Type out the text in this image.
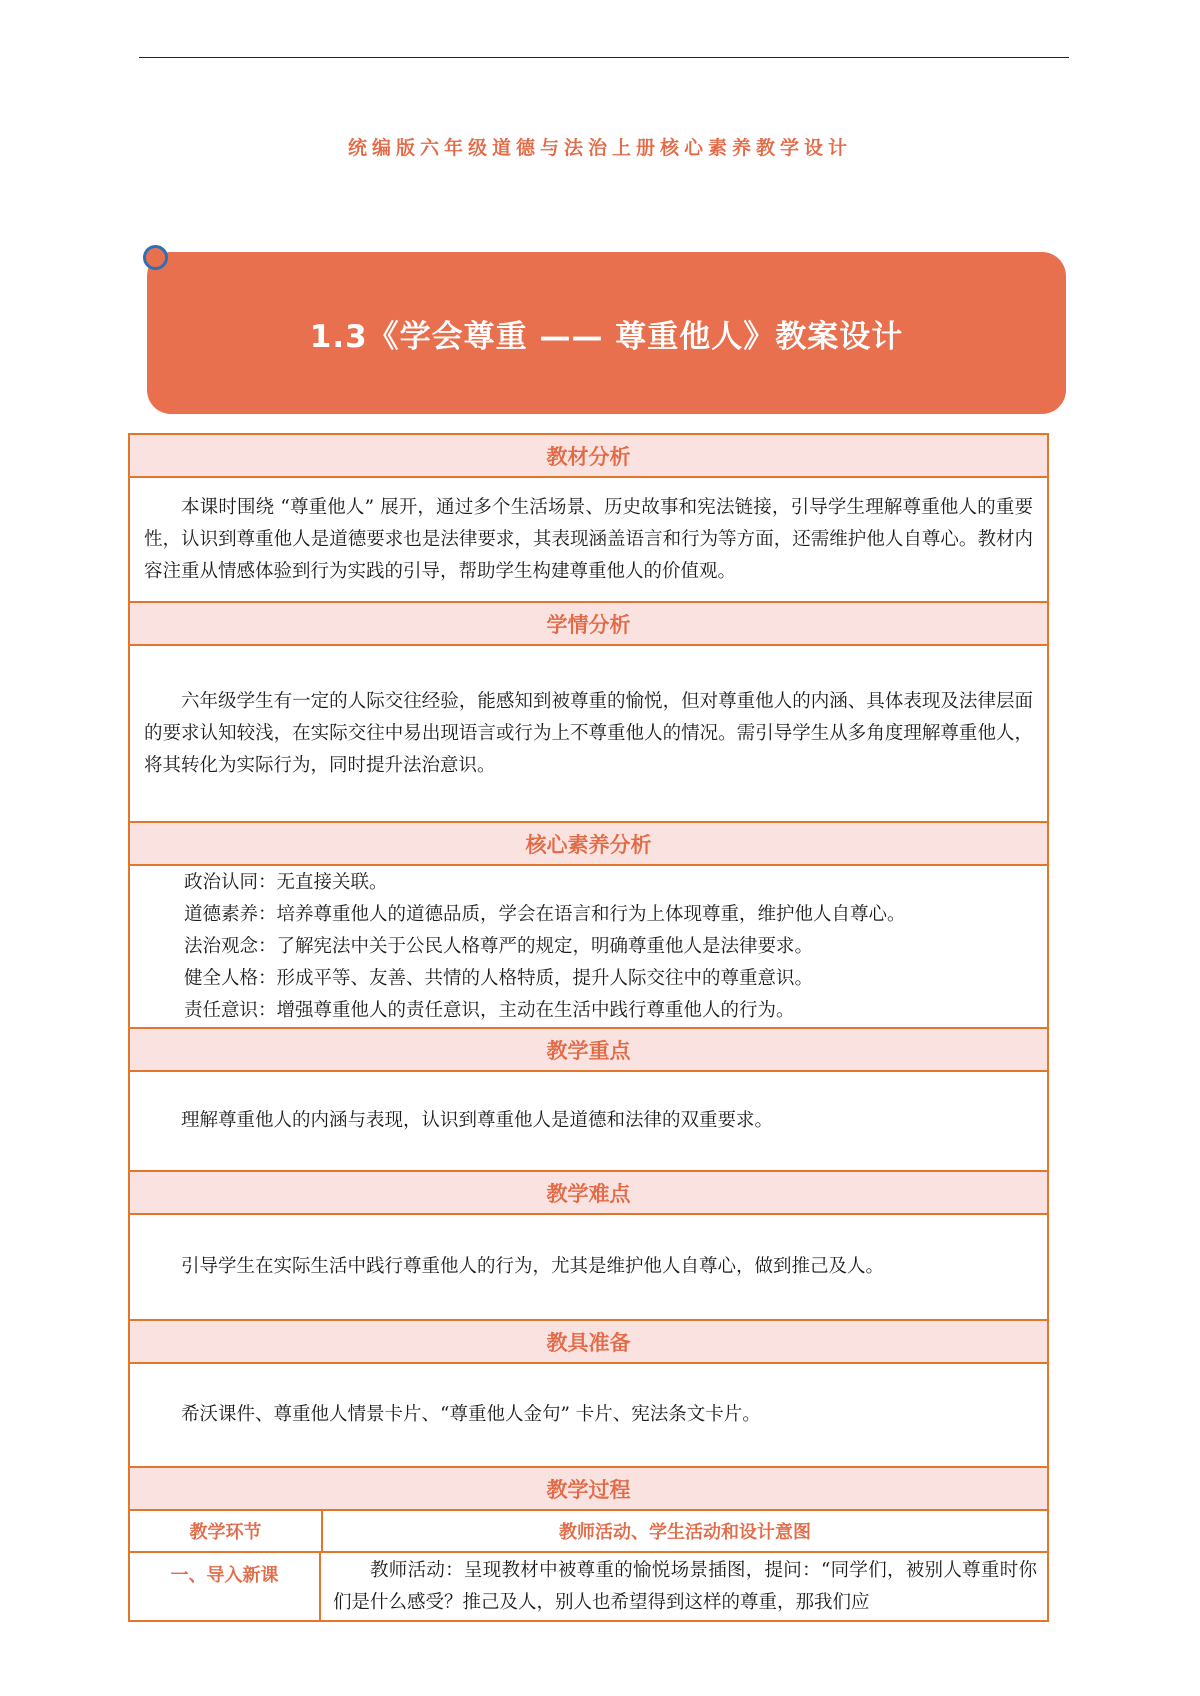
统编版六年级道德与法治上册核心素养教学设计
1.3《学会尊重 —— 尊重他人》教案设计
教材分析

本课时围绕 “尊重他人” 展开，通过多个生活场景、历史故事和宪法链接，引导学生理解尊重他人的重要性，认识到尊重他人是道德要求也是法律要求，其表现涵盖语言和行为等方面，还需维护他人自尊心。教材内容注重从情感体验到行为实践的引导，帮助学生构建尊重他人的价值观。

学情分析

六年级学生有一定的人际交往经验，能感知到被尊重的愉悦，但对尊重他人的内涵、具体表现及法律层面的要求认知较浅，在实际交往中易出现语言或行为上不尊重他人的情况。需引导学生从多角度理解尊重他人，将其转化为实际行为，同时提升法治意识。

核心素养分析

政治认同：无直接关联。

道德素养：培养尊重他人的道德品质，学会在语言和行为上体现尊重，维护他人自尊心。

法治观念：了解宪法中关于公民人格尊严的规定，明确尊重他人是法律要求。

健全人格：形成平等、友善、共情的人格特质，提升人际交往中的尊重意识。

责任意识：增强尊重他人的责任意识，主动在生活中践行尊重他人的行为。

教学重点

理解尊重他人的内涵与表现，认识到尊重他人是道德和法律的双重要求。

教学难点

引导学生在实际生活中践行尊重他人的行为，尤其是维护他人自尊心，做到推己及人。

教具准备

希沃课件、尊重他人情景卡片、“尊重他人金句” 卡片、宪法条文卡片。

教学过程
教学环节	教师活动、学生活动和设计意图
一、导入新课	教师活动：呈现教材中被尊重的愉悦场景插图，提问：“同学们，被别人尊重时你们是什么感受？推己及人，别人也希望得到这样的尊重，那我们应
